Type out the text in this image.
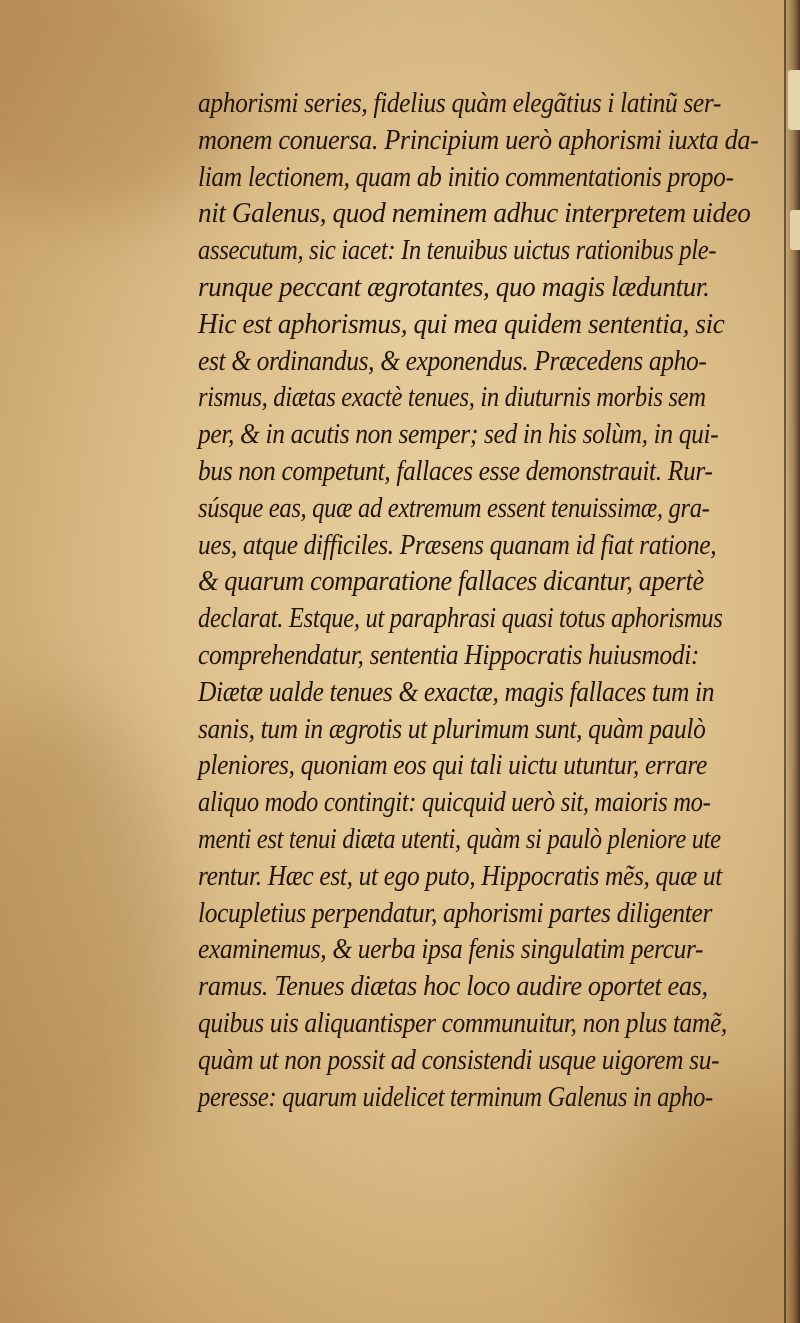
aphorismi series, fidelius quàm elegãtius i latinũ ser-
monem conuersa. Principium uerò aphorismi iuxta da-
liam lectionem, quam ab initio commentationis propo-
nit Galenus, quod neminem adhuc interpretem uideo
assecutum, sic iacet: In tenuibus uictus rationibus ple-
runque peccant ægrotantes, quo magis læduntur.
Hic est aphorismus, qui mea quidem sententia, sic
est & ordinandus, & exponendus. Præcedens apho-
rismus, diætas exactè tenues, in diuturnis morbis sem
per, & in acutis non semper; sed in his solùm, in qui-
bus non competunt, fallaces esse demonstrauit. Rur-
súsque eas, quæ ad extremum essent tenuissimæ, gra-
ues, atque difficiles. Præsens quanam id fiat ratione,
& quarum comparatione fallaces dicantur, apertè
declarat. Estque, ut paraphrasi quasi totus aphorismus
comprehendatur, sententia Hippocratis huiusmodi:
Diætæ ualde tenues & exactæ, magis fallaces tum in
sanis, tum in ægrotis ut plurimum sunt, quàm paulò
pleniores, quoniam eos qui tali uictu utuntur, errare
aliquo modo contingit: quicquid uerò sit, maioris mo-
menti est tenui diæta utenti, quàm si paulò pleniore ute
rentur. Hæc est, ut ego puto, Hippocratis mẽs, quæ ut
locupletius perpendatur, aphorismi partes diligenter
examinemus, & uerba ipsa fenis singulatim percur-
ramus. Tenues diætas hoc loco audire oportet eas,
quibus uis aliquantisper communuitur, non plus tamẽ,
quàm ut non possit ad consistendi usque uigorem su-
peresse: quarum uidelicet terminum Galenus in apho-
